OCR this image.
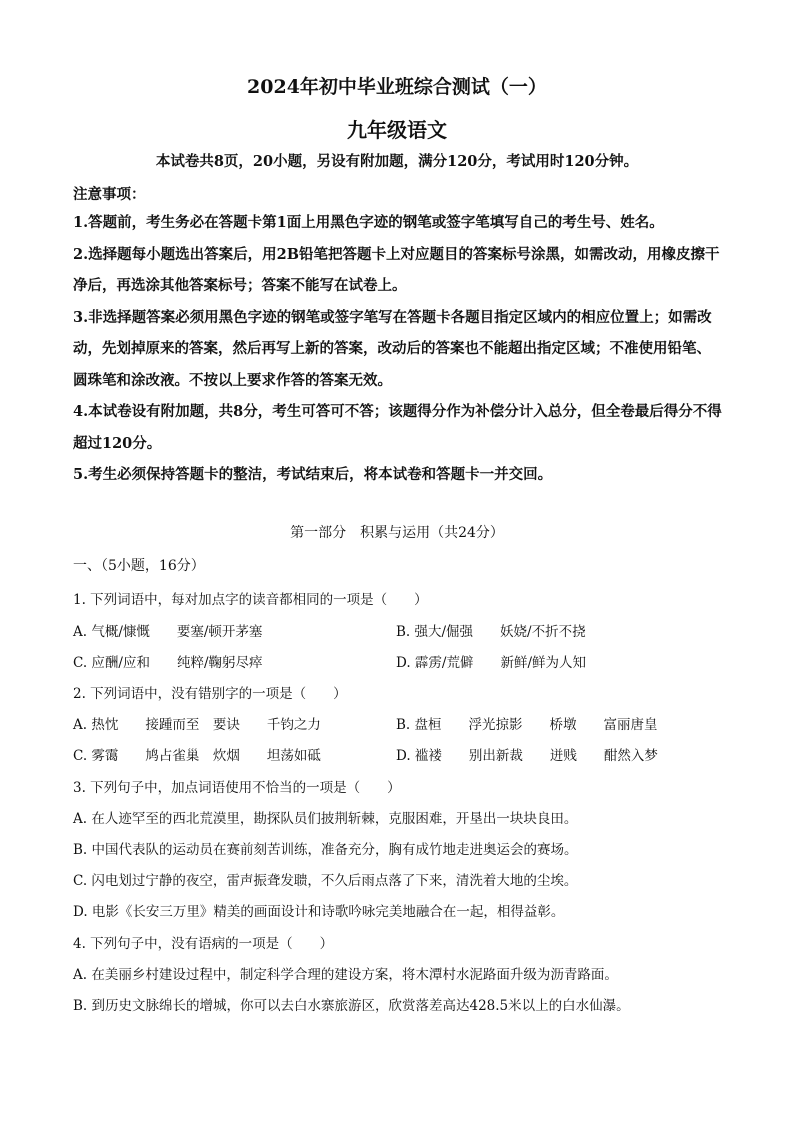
2024年初中毕业班综合测试（一）
九年级语文
本试卷共8页，20小题，另设有附加题，满分120分，考试用时120分钟。
注意事项：

1.答题前，考生务必在答题卡第1面上用黑色字迹的钢笔或签字笔填写自己的考生号、姓名。

2.选择题每小题选出答案后，用2B铅笔把答题卡上对应题目的答案标号涂黑，如需改动，用橡皮擦干净后，再选涂其他答案标号；答案不能写在试卷上。

3.非选择题答案必须用黑色字迹的钢笔或签字笔写在答题卡各题目指定区域内的相应位置上；如需改动，先划掉原来的答案，然后再写上新的答案，改动后的答案也不能超出指定区域；不准使用铅笔、圆珠笔和涂改液。不按以上要求作答的答案无效。

4.本试卷设有附加题，共8分，考生可答可不答；该题得分作为补偿分计入总分，但全卷最后得分不得超过120分。

5.考生必须保持答题卡的整洁，考试结束后，将本试卷和答题卡一并交回。

第一部分　积累与运用（共24分）
一、（5小题，16分）
1. 下列词语中，每对加点字的读音都相同的一项是（　　）
A. 气概/慷慨　　要塞/顿开茅塞	B. 强大/倔强　　妖娆/不折不挠
C. 应酬/应和　　纯粹/鞠躬尽瘁	D. 霹雳/荒僻　　新鲜/鲜为人知
2. 下列词语中，没有错别字的一项是（　　）
A. 热忱　　接踵而至　要诀　　千钧之力	B. 盘桓　　浮光掠影　　桥墩　　富丽唐皇
C. 雾霭　　鸠占雀巢　炊烟　　坦荡如砥	D. 褴褛　　别出新裁　　迸贱　　酣然入梦
3. 下列句子中，加点词语使用不恰当的一项是（　　）
A. 在人迹罕至的西北荒漠里，勘探队员们披荆斩棘，克服困难，开垦出一块块良田。
B. 中国代表队的运动员在赛前刻苦训练，准备充分，胸有成竹地走进奥运会的赛场。
C. 闪电划过宁静的夜空，雷声振聋发聩，不久后雨点落了下来，清洗着大地的尘埃。
D. 电影《长安三万里》精美的画面设计和诗歌吟咏完美地融合在一起，相得益彰。
4. 下列句子中，没有语病的一项是（　　）
A. 在美丽乡村建设过程中，制定科学合理的建设方案，将木潭村水泥路面升级为沥青路面。
B. 到历史文脉绵长的增城，你可以去白水寨旅游区，欣赏落差高达428.5米以上的白水仙瀑。
